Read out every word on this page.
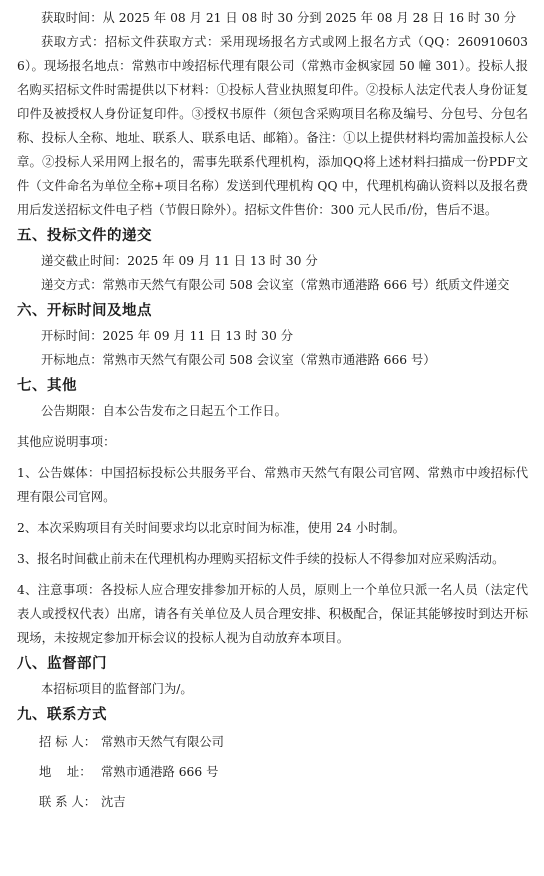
获取时间：从 2025 年 08 月 21 日 08 时 30 分到 2025 年 08 月 28 日 16 时 30 分

获取方式：招标文件获取方式：采用现场报名方式或网上报名方式（QQ：2609106036）。现场报名地点：常熟市中竣招标代理有限公司（常熟市金枫家园 50 幢 301）。投标人报名购买招标文件时需提供以下材料：①投标人营业执照复印件。②投标人法定代表人身份证复印件及被授权人身份证复印件。③授权书原件（须包含采购项目名称及编号、分包号、分包名称、投标人全称、地址、联系人、联系电话、邮箱）。备注：①以上提供材料均需加盖投标人公章。②投标人采用网上报名的，需事先联系代理机构，添加QQ将上述材料扫描成一份PDF文件（文件命名为单位全称+项目名称）发送到代理机构 QQ 中，代理机构确认资料以及报名费用后发送招标文件电子档（节假日除外）。招标文件售价：300 元人民币/份，售后不退。

五、投标文件的递交

递交截止时间：2025 年 09 月 11 日 13 时 30 分

递交方式：常熟市天然气有限公司 508 会议室（常熟市通港路 666 号）纸质文件递交

六、开标时间及地点

开标时间：2025 年 09 月 11 日 13 时 30 分

开标地点：常熟市天然气有限公司 508 会议室（常熟市通港路 666 号）

七、其他

公告期限：自本公告发布之日起五个工作日。

其他应说明事项：

1、公告媒体：中国招标投标公共服务平台、常熟市天然气有限公司官网、常熟市中竣招标代理有限公司官网。

2、本次采购项目有关时间要求均以北京时间为标准，使用 24 小时制。

3、报名时间截止前未在代理机构办理购买招标文件手续的投标人不得参加对应采购活动。

4、注意事项：各投标人应合理安排参加开标的人员，原则上一个单位只派一名人员（法定代表人或授权代表）出席，请各有关单位及人员合理安排、积极配合，保证其能够按时到达开标现场，未按规定参加开标会议的投标人视为自动放弃本项目。

八、监督部门

本招标项目的监督部门为/。

九、联系方式
招 标 人： 常熟市天然气有限公司
地    址： 常熟市通港路 666 号
联 系 人： 沈吉
